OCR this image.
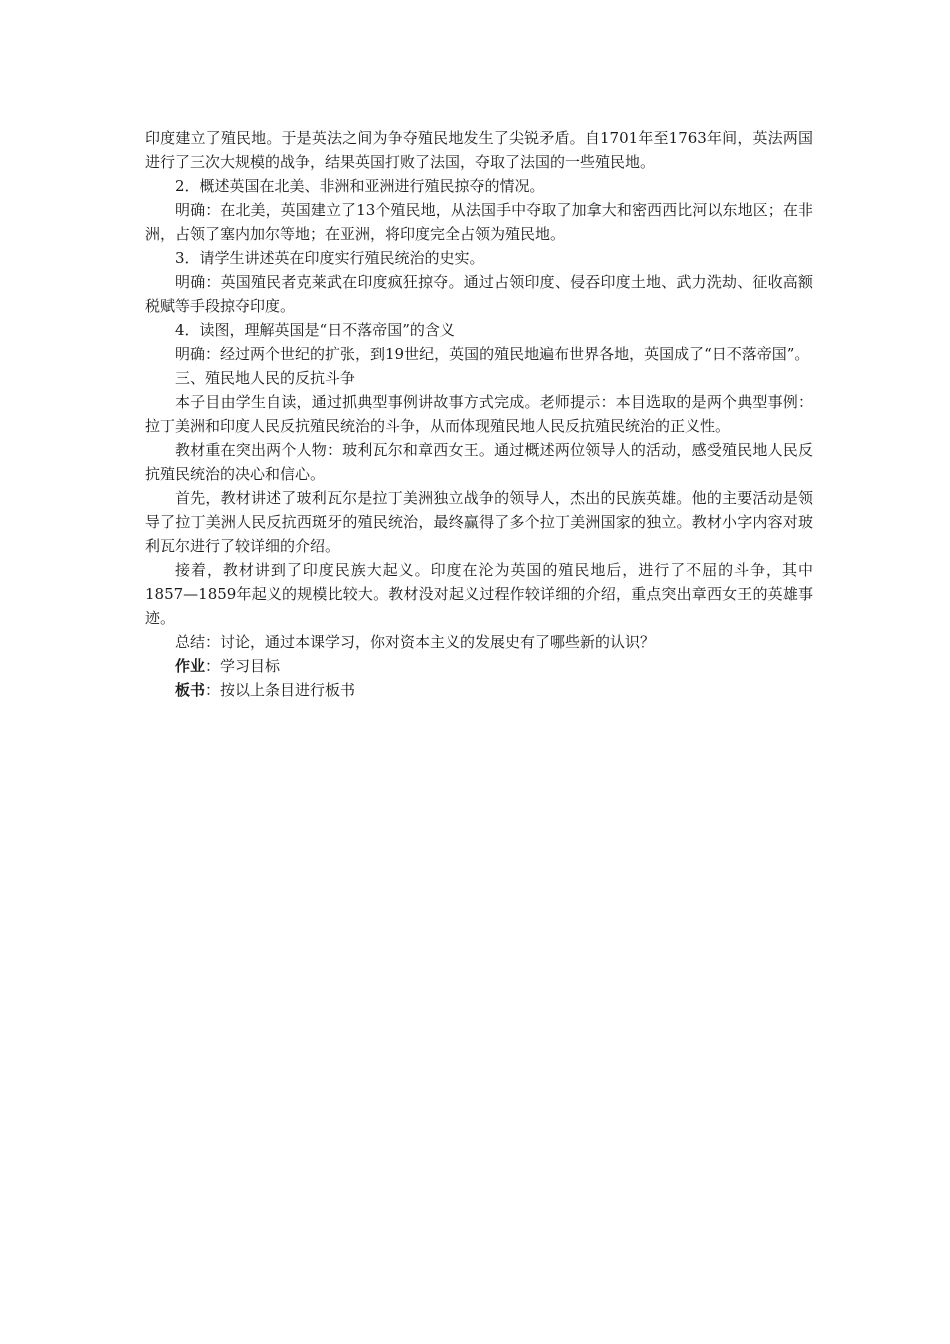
印度建立了殖民地。于是英法之间为争夺殖民地发生了尖锐矛盾。自1701年至1763年间，英法两国进行了三次大规模的战争，结果英国打败了法国，夺取了法国的一些殖民地。

2．概述英国在北美、非洲和亚洲进行殖民掠夺的情况。

明确：在北美，英国建立了13个殖民地，从法国手中夺取了加拿大和密西西比河以东地区；在非洲，占领了塞内加尔等地；在亚洲，将印度完全占领为殖民地。

3．请学生讲述英在印度实行殖民统治的史实。

明确：英国殖民者克莱武在印度疯狂掠夺。通过占领印度、侵吞印度土地、武力洗劫、征收高额税赋等手段掠夺印度。

4．读图，理解英国是“日不落帝国”的含义

明确：经过两个世纪的扩张，到19世纪，英国的殖民地遍布世界各地，英国成了“日不落帝国”。

三、殖民地人民的反抗斗争

本子目由学生自读，通过抓典型事例讲故事方式完成。老师提示：本目选取的是两个典型事例：拉丁美洲和印度人民反抗殖民统治的斗争，从而体现殖民地人民反抗殖民统治的正义性。

教材重在突出两个人物：玻利瓦尔和章西女王。通过概述两位领导人的活动，感受殖民地人民反抗殖民统治的决心和信心。

首先，教材讲述了玻利瓦尔是拉丁美洲独立战争的领导人，杰出的民族英雄。他的主要活动是领导了拉丁美洲人民反抗西斑牙的殖民统治，最终赢得了多个拉丁美洲国家的独立。教材小字内容对玻利瓦尔进行了较详细的介绍。

接着，教材讲到了印度民族大起义。印度在沦为英国的殖民地后，进行了不屈的斗争，其中1857—1859年起义的规模比较大。教材没对起义过程作较详细的介绍，重点突出章西女王的英雄事迹。

总结：讨论，通过本课学习，你对资本主义的发展史有了哪些新的认识？

作业：学习目标

板书：按以上条目进行板书
